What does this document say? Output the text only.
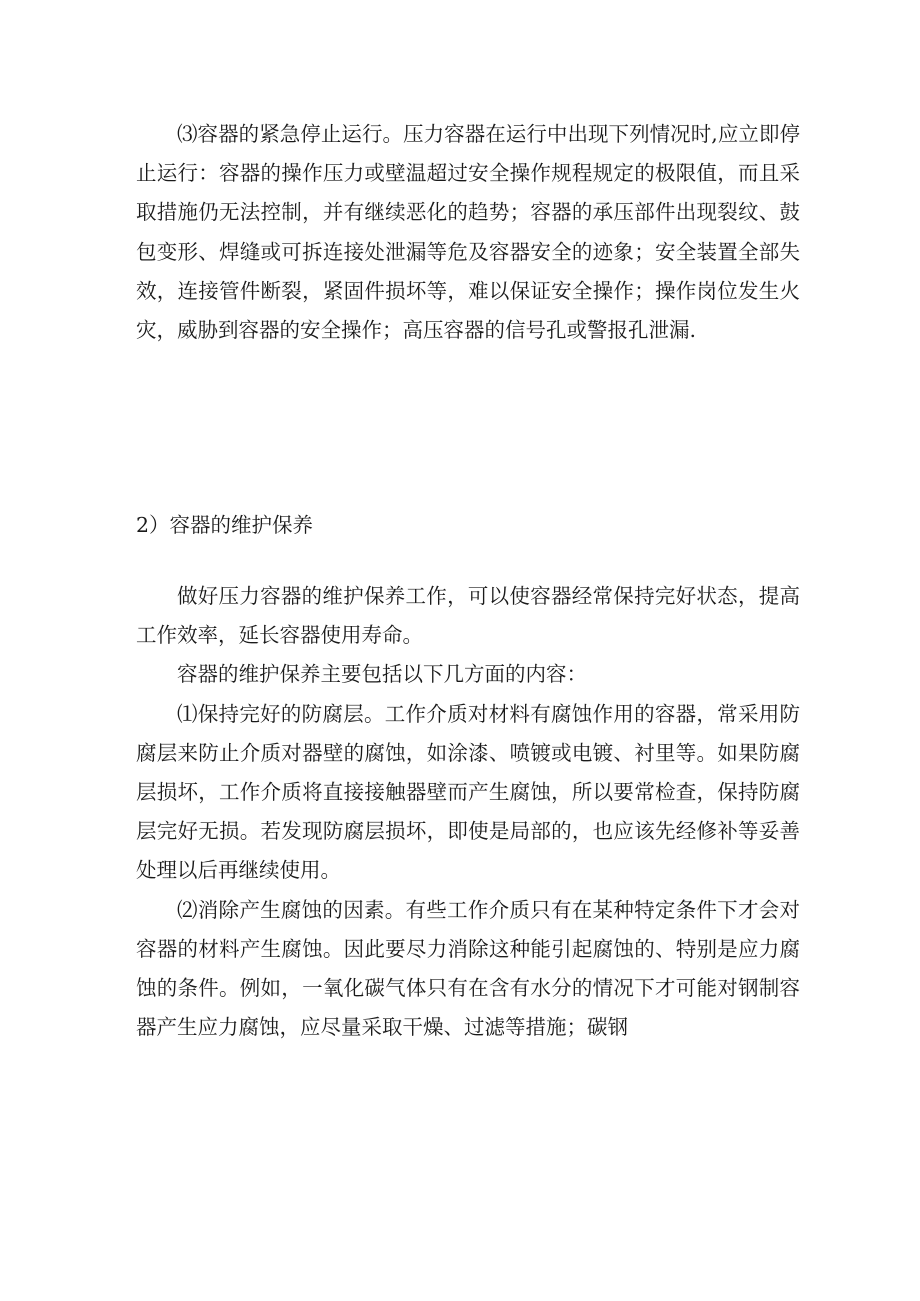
⑶容器的紧急停止运行。压力容器在运行中出现下列情况时,应立即停止运行：容器的操作压力或壁温超过安全操作规程规定的极限值，而且采取措施仍无法控制，并有继续恶化的趋势；容器的承压部件出现裂纹、鼓包变形、焊缝或可拆连接处泄漏等危及容器安全的迹象；安全装置全部失效，连接管件断裂，紧固件损坏等，难以保证安全操作；操作岗位发生火灾，威胁到容器的安全操作；高压容器的信号孔或警报孔泄漏.

2）容器的维护保养

做好压力容器的维护保养工作，可以使容器经常保持完好状态，提高工作效率，延长容器使用寿命。

容器的维护保养主要包括以下几方面的内容：

⑴保持完好的防腐层。工作介质对材料有腐蚀作用的容器，常采用防腐层来防止介质对器壁的腐蚀，如涂漆、喷镀或电镀、衬里等。如果防腐层损坏，工作介质将直接接触器壁而产生腐蚀，所以要常检查，保持防腐层完好无损。若发现防腐层损坏，即使是局部的，也应该先经修补等妥善处理以后再继续使用。

⑵消除产生腐蚀的因素。有些工作介质只有在某种特定条件下才会对容器的材料产生腐蚀。因此要尽力消除这种能引起腐蚀的、特别是应力腐蚀的条件。例如，一氧化碳气体只有在含有水分的情况下才可能对钢制容器产生应力腐蚀，应尽量采取干燥、过滤等措施；碳钢
